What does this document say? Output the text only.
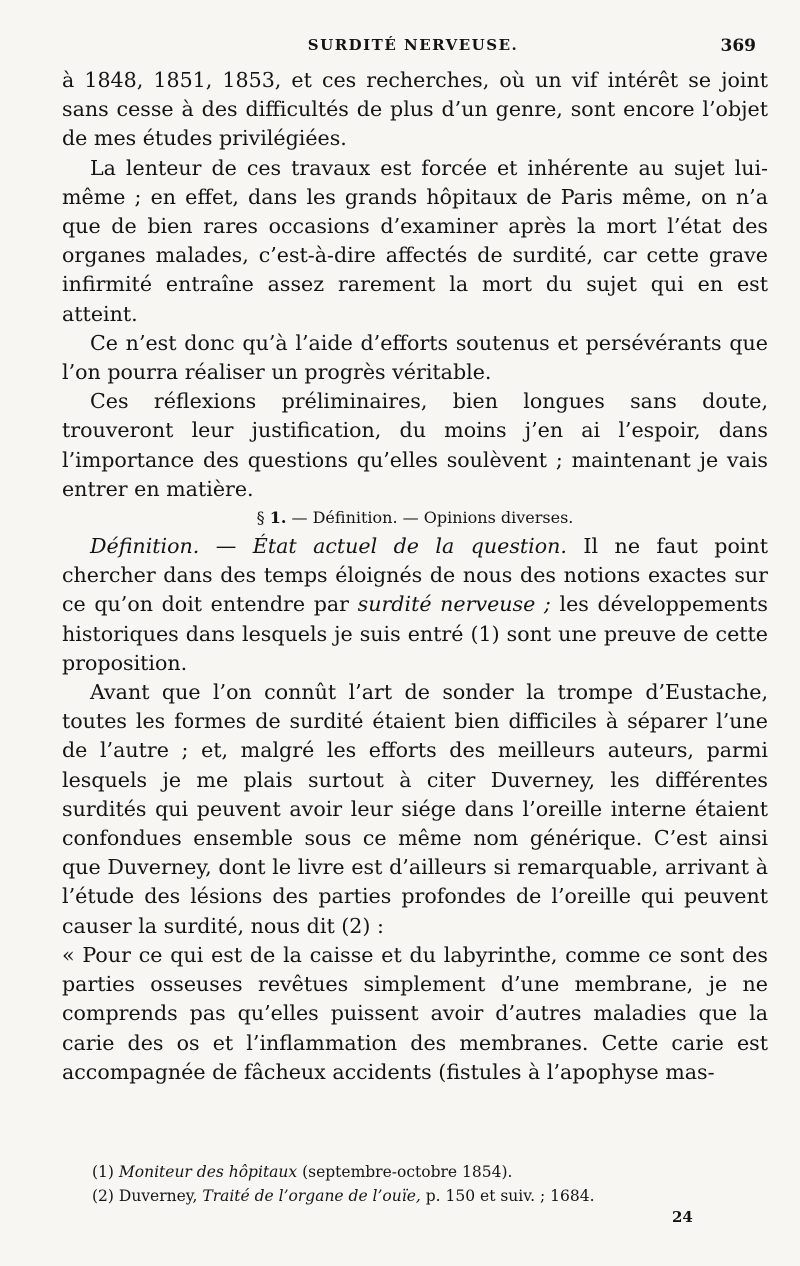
SURDITÉ NERVEUSE.	369

à 1848, 1851, 1853, et ces recherches, où un vif intérêt se joint sans cesse à des difficultés de plus d’un genre, sont encore l’objet de mes études privilégiées.

La lenteur de ces travaux est forcée et inhérente au sujet lui-même ; en effet, dans les grands hôpitaux de Paris même, on n’a que de bien rares occasions d’examiner après la mort l’état des organes malades, c’est-à-dire affectés de surdité, car cette grave infirmité entraîne assez rarement la mort du sujet qui en est atteint.

Ce n’est donc qu’à l’aide d’efforts soutenus et persévérants que l’on pourra réaliser un progrès véritable.

Ces réflexions préliminaires, bien longues sans doute, trouveront leur justification, du moins j’en ai l’espoir, dans l’importance des questions qu’elles soulèvent ; maintenant je vais entrer en matière.

§ 1. — Définition. — Opinions diverses.

Définition. — État actuel de la question. Il ne faut point chercher dans des temps éloignés de nous des notions exactes sur ce qu’on doit entendre par surdité nerveuse ; les développements historiques dans lesquels je suis entré (1) sont une preuve de cette proposition.

Avant que l’on connût l’art de sonder la trompe d’Eustache, toutes les formes de surdité étaient bien difficiles à séparer l’une de l’autre ; et, malgré les efforts des meilleurs auteurs, parmi lesquels je me plais surtout à citer Duverney, les différentes surdités qui peuvent avoir leur siége dans l’oreille interne étaient confondues ensemble sous ce même nom générique. C’est ainsi que Duverney, dont le livre est d’ailleurs si remarquable, arrivant à l’étude des lésions des parties profondes de l’oreille qui peuvent causer la surdité, nous dit (2) :

« Pour ce qui est de la caisse et du labyrinthe, comme ce sont des parties osseuses revêtues simplement d’une membrane, je ne comprends pas qu’elles puissent avoir d’autres maladies que la carie des os et l’inflammation des membranes. Cette carie est accompagnée de fâcheux accidents (fistules à l’apophyse mas-

(1) Moniteur des hôpitaux (septembre-octobre 1854).
(2) Duverney, Traité de l’organe de l’ouïe, p. 150 et suiv. ; 1684.
24
